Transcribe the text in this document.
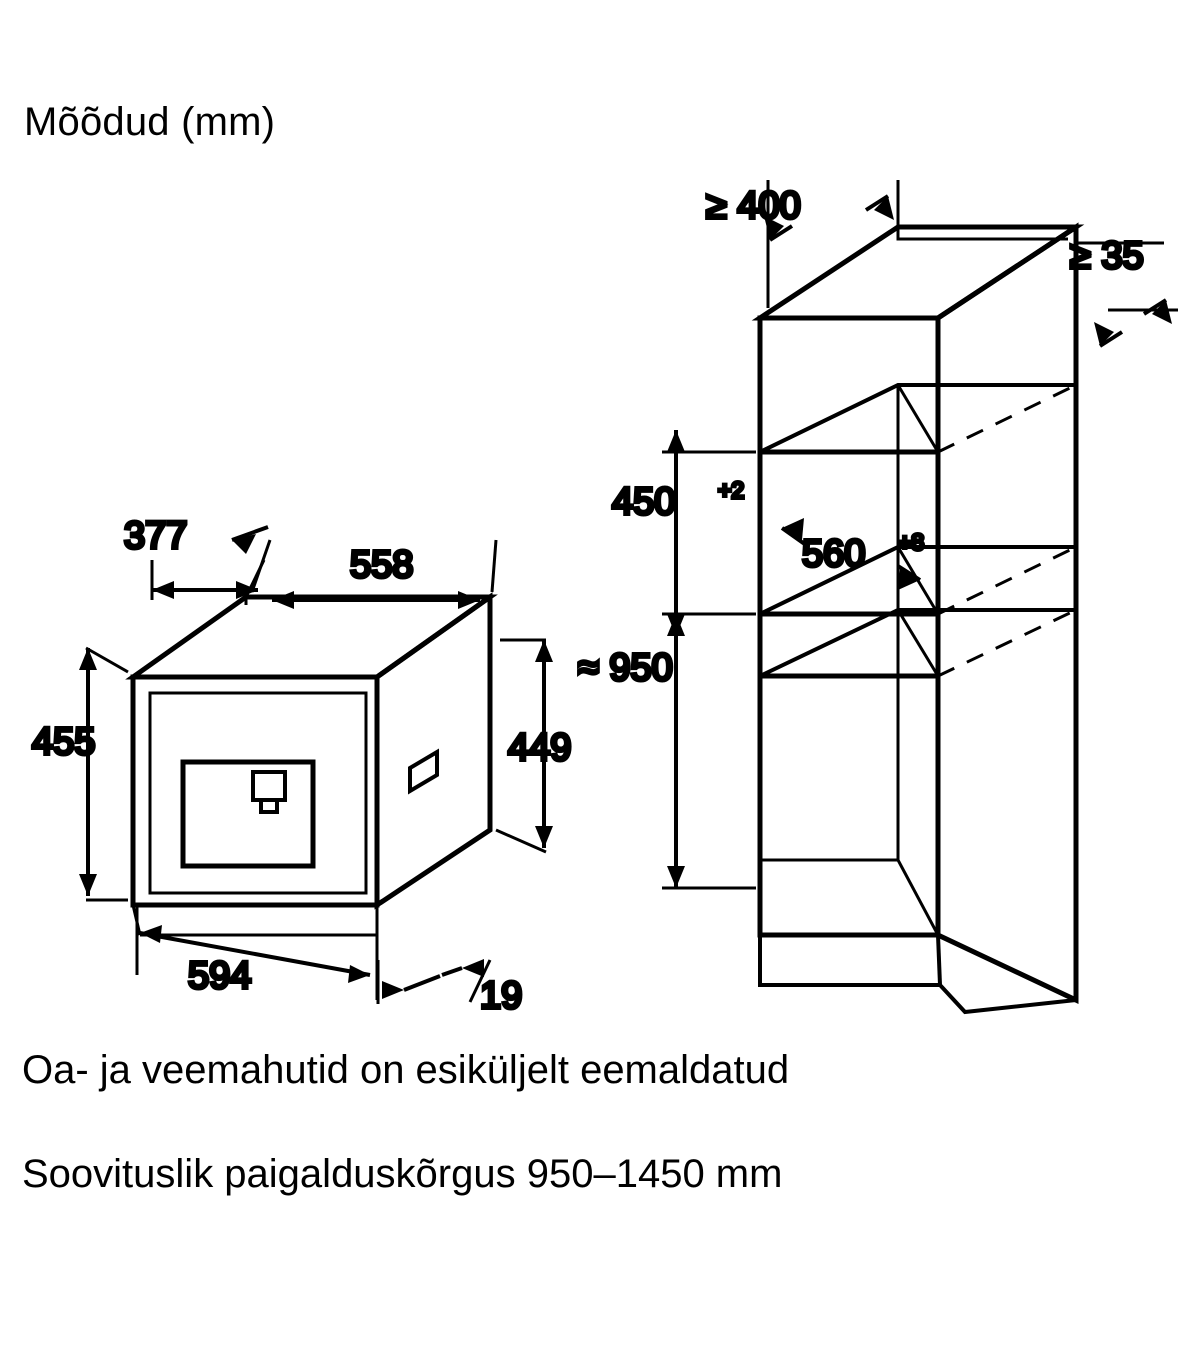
Mõõdud (mm)
377
558
455	449
594	19
≥ 400
≥ 35
450 +2
560 +8
≈ 950
Oa- ja veemahutid on esiküljelt eemaldatud
Soovituslik paigalduskõrgus 950–1450 mm
